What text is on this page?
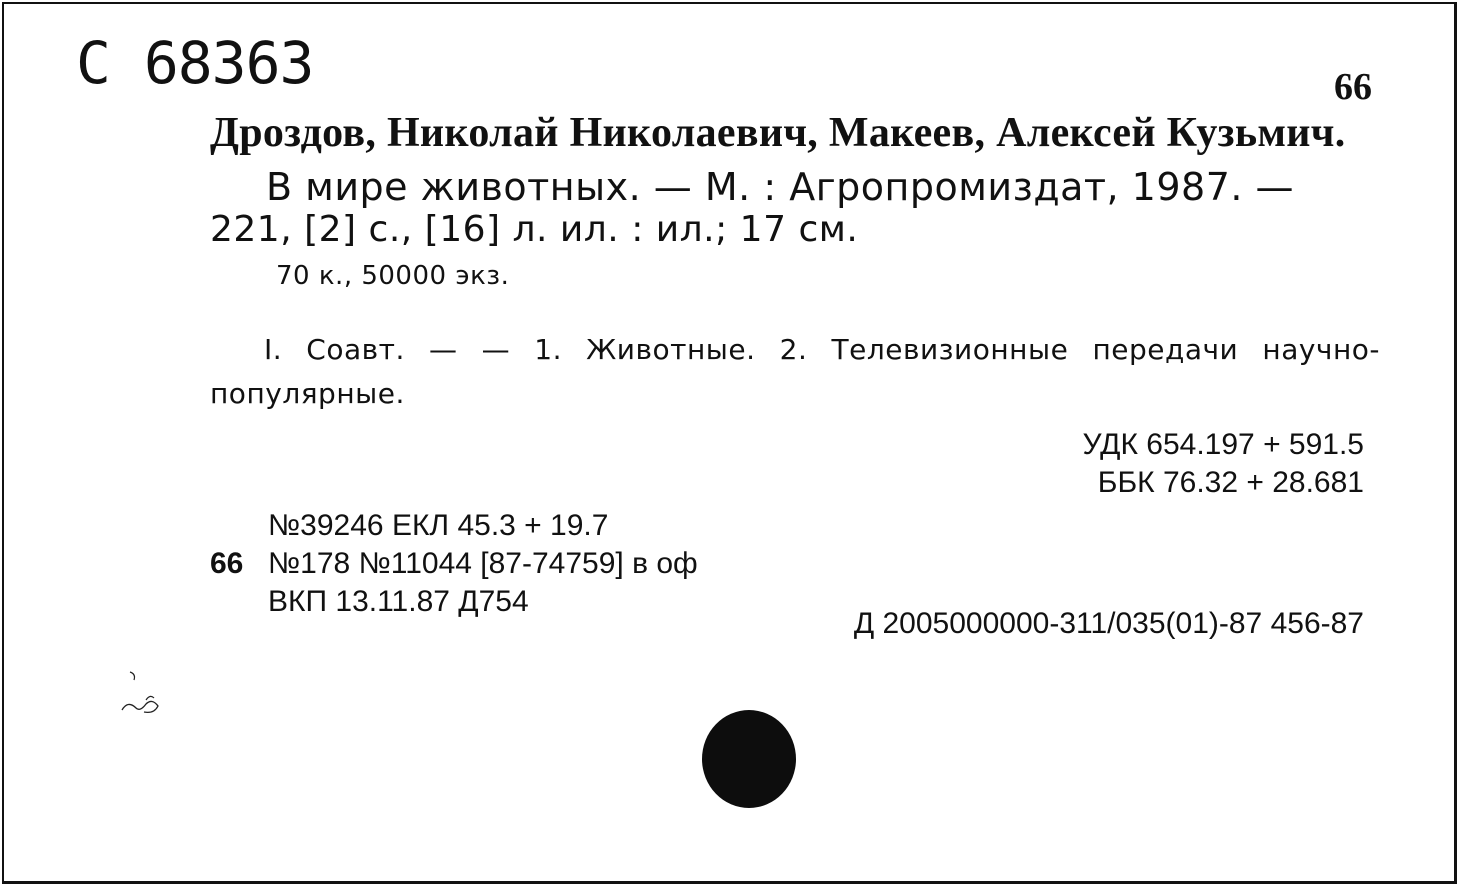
C 68363	66
Дроздов, Николай Николаевич, Макеев, Алексей Кузьмич.
В мире животных. — М. : Агропромиздат, 1987. —
221, [2] с., [16] л. ил. : ил.; 17 см.
70 к., 50000 экз.
I. Соавт. — — 1. Животные. 2. Телевизионные передачи научно-популярные.
УДК 654.197 + 591.5
ББК 76.32 + 28.681
№39246 ЕКЛ 45.3 + 19.7
66 №178 №11044 [87-74759] в оф
ВКП 13.11.87 Д754
Д 2005000000-311/035(01)-87 456-87
